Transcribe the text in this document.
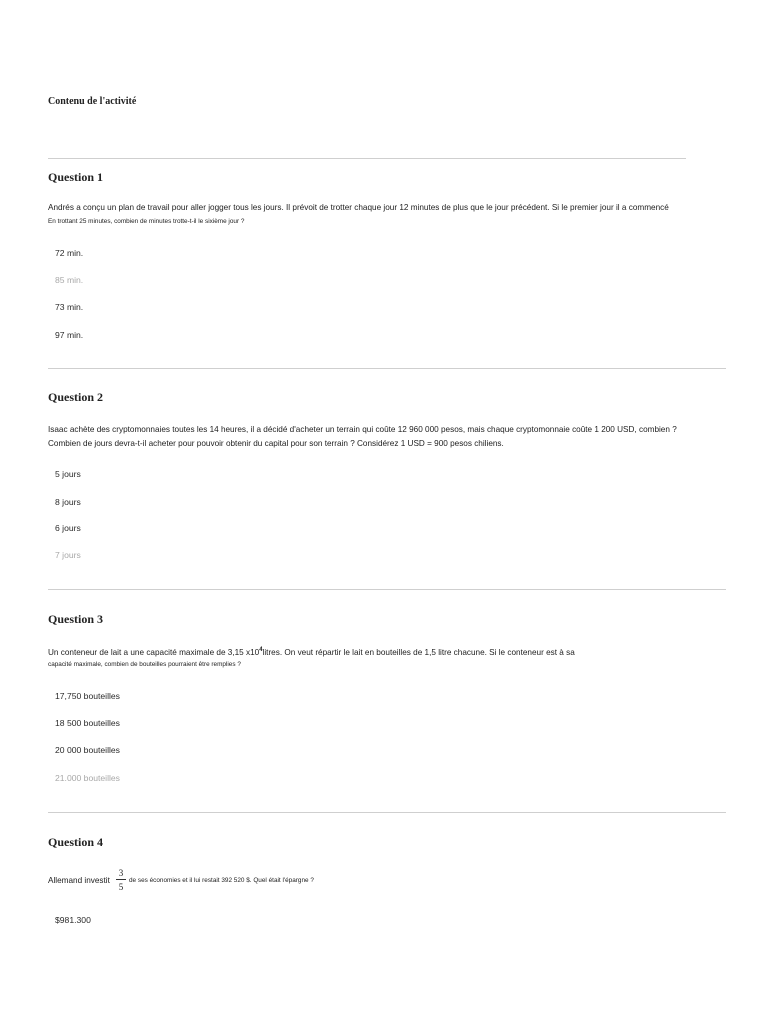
Contenu de l'activité
Question 1
Andrés a conçu un plan de travail pour aller jogger tous les jours. Il prévoit de trotter chaque jour 12 minutes de plus que le jour précédent. Si le premier jour il a commencé
En trottant 25 minutes, combien de minutes trotte-t-il le sixième jour ?
72 min.
85 min.
73 min.
97 min.
Question 2
Isaac achète des cryptomonnaies toutes les 14 heures, il a décidé d'acheter un terrain qui coûte 12 960 000 pesos, mais chaque cryptomonnaie coûte 1 200 USD, combien ?
Combien de jours devra-t-il acheter pour pouvoir obtenir du capital pour son terrain ? Considérez 1 USD = 900 pesos chiliens.
5 jours
8 jours
6 jours
7 jours
Question 3
Un conteneur de lait a une capacité maximale de 3,15 $x10^4litres$. On veut répartir le lait en bouteilles de 1,5 litre chacune. Si le conteneur est à sa
capacité maximale, combien de bouteilles pourraient être remplies ?
17,750 bouteilles
18 500 bouteilles
20 000 bouteilles
21.000 bouteilles
Question 4
Allemand investit
3
5
de ses économies et il lui restait 392 520 $. Quel était l'épargne ?
$981.300
